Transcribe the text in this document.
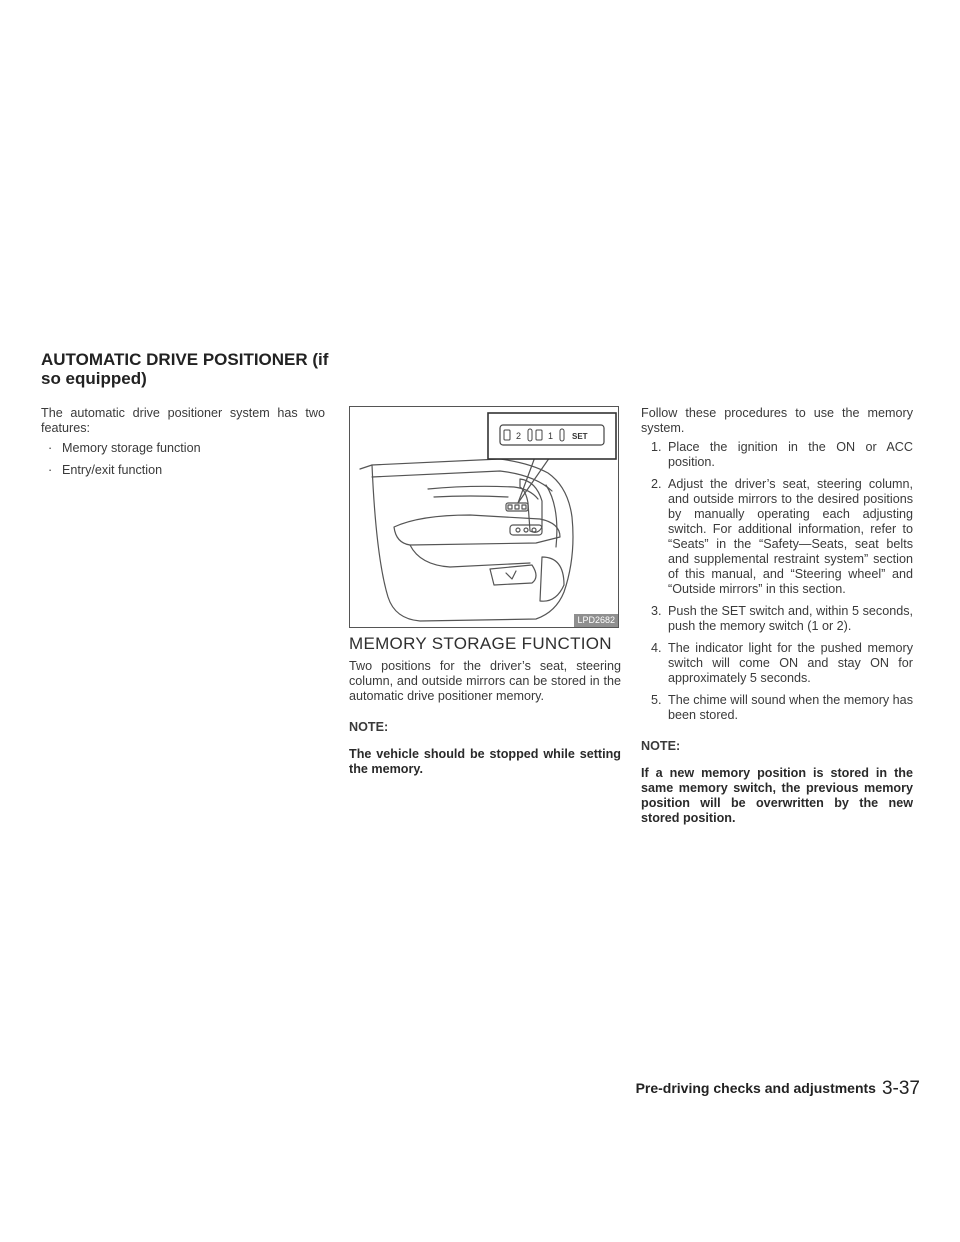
AUTOMATIC DRIVE POSITIONER (if
so equipped)

The automatic drive positioner system has two features:

· Memory storage function
· Entry/exit function
2	1 SET
LPD2682
MEMORY STORAGE FUNCTION

Two positions for the driver’s seat, steering column, and outside mirrors can be stored in the automatic drive positioner memory.

NOTE:

The vehicle should be stopped while setting the memory.

Follow these procedures to use the memory system.

1. Place the ignition in the ON or ACC position.
2. Adjust the driver’s seat, steering column, and outside mirrors to the desired positions by manually operating each adjusting switch. For additional information, refer to “Seats” in the “Safety—Seats, seat belts and supplemental restraint system” section of this manual, and “Steering wheel” and “Outside mirrors” in this section.
3. Push the SET switch and, within 5 seconds, push the memory switch (1 or 2).
4. The indicator light for the pushed memory switch will come ON and stay ON for approximately 5 seconds.
5. The chime will sound when the memory has been stored.

NOTE:

If a new memory position is stored in the same memory switch, the previous memory position will be overwritten by the new stored position.

Pre-driving checks and adjustments 3-37
